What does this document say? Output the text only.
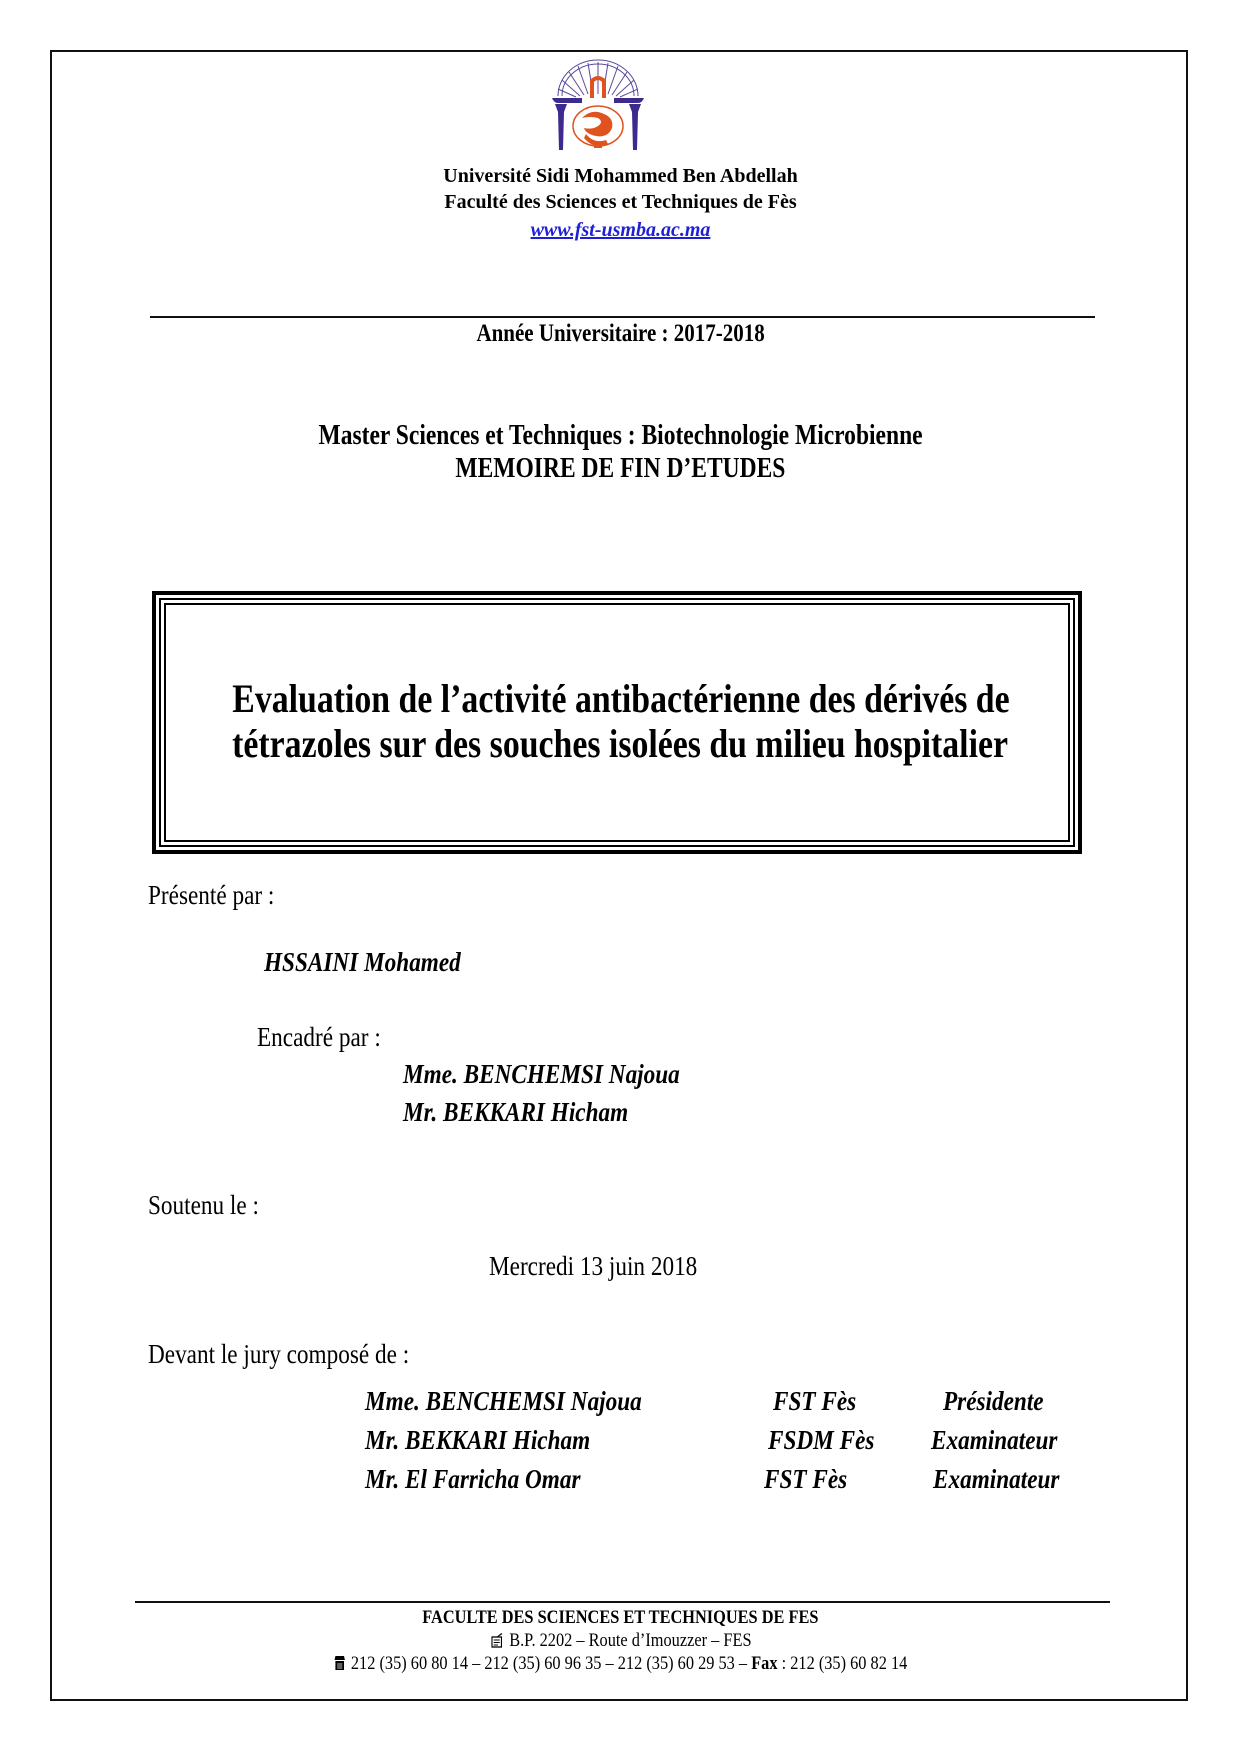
Université Sidi Mohammed Ben Abdellah
Faculté des Sciences et Techniques de Fès
www.fst-usmba.ac.ma
Année Universitaire : 2017-2018
Master Sciences et Techniques : Biotechnologie Microbienne
MEMOIRE DE FIN D’ETUDES
Evaluation de l’activité antibactérienne des dérivés de
tétrazoles sur des souches isolées du milieu hospitalier
Présenté par :
HSSAINI Mohamed
Encadré par :
Mme. BENCHEMSI Najoua
Mr. BEKKARI Hicham
Soutenu le :
Mercredi 13 juin 2018
Devant le jury composé de :
Mme. BENCHEMSI Najoua	FST Fès	Présidente
Mr. BEKKARI Hicham	FSDM Fès	Examinateur
Mr. El Farricha Omar	FST Fès	Examinateur
FACULTE DES SCIENCES ET TECHNIQUES DE FES
B.P. 2202 – Route d’Imouzzer – FES
212 (35) 60 80 14 – 212 (35) 60 96 35 – 212 (35) 60 29 53 – Fax : 212 (35) 60 82 14
